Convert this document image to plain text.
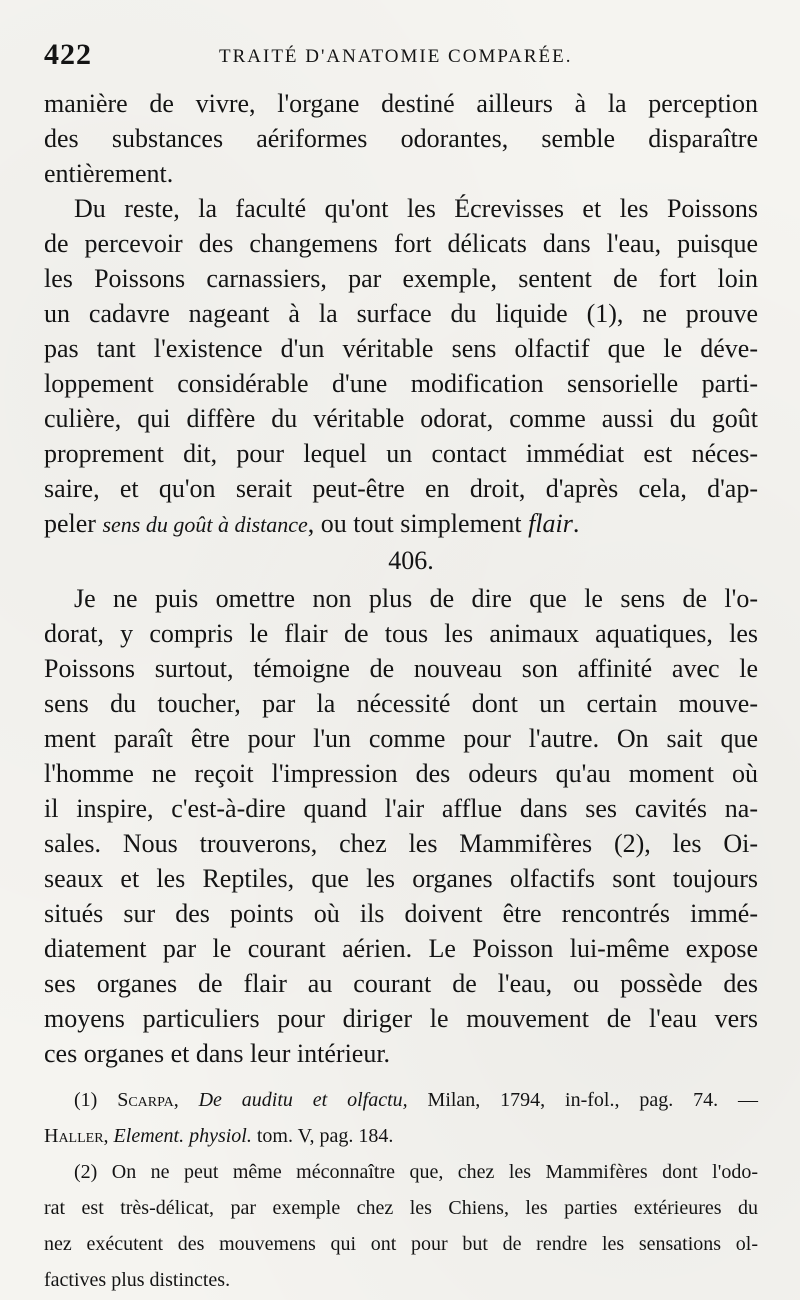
422	TRAITÉ D'ANATOMIE COMPARÉE.
manière de vivre, l'organe destiné ailleurs à la perception
des substances aériformes odorantes, semble disparaître
entièrement.
Du reste, la faculté qu'ont les Écrevisses et les Poissons
de percevoir des changemens fort délicats dans l'eau, puisque
les Poissons carnassiers, par exemple, sentent de fort loin
un cadavre nageant à la surface du liquide (1), ne prouve
pas tant l'existence d'un véritable sens olfactif que le déve-
loppement considérable d'une modification sensorielle parti-
culière, qui diffère du véritable odorat, comme aussi du goût
proprement dit, pour lequel un contact immédiat est néces-
saire, et qu'on serait peut-être en droit, d'après cela, d'ap-
peler sens du goût à distance, ou tout simplement flair.
406.
Je ne puis omettre non plus de dire que le sens de l'o-
dorat, y compris le flair de tous les animaux aquatiques, les
Poissons surtout, témoigne de nouveau son affinité avec le
sens du toucher, par la nécessité dont un certain mouve-
ment paraît être pour l'un comme pour l'autre. On sait que
l'homme ne reçoit l'impression des odeurs qu'au moment où
il inspire, c'est-à-dire quand l'air afflue dans ses cavités na-
sales. Nous trouverons, chez les Mammifères (2), les Oi-
seaux et les Reptiles, que les organes olfactifs sont toujours
situés sur des points où ils doivent être rencontrés immé-
diatement par le courant aérien. Le Poisson lui-même expose
ses organes de flair au courant de l'eau, ou possède des
moyens particuliers pour diriger le mouvement de l'eau vers
ces organes et dans leur intérieur.
(1) Scarpa, De auditu et olfactu, Milan, 1794, in-fol., pag. 74. —
Haller, Element. physiol. tom. V, pag. 184.
(2) On ne peut même méconnaître que, chez les Mammifères dont l'odo-
rat est très-délicat, par exemple chez les Chiens, les parties extérieures du
nez exécutent des mouvemens qui ont pour but de rendre les sensations ol-
factives plus distinctes.
